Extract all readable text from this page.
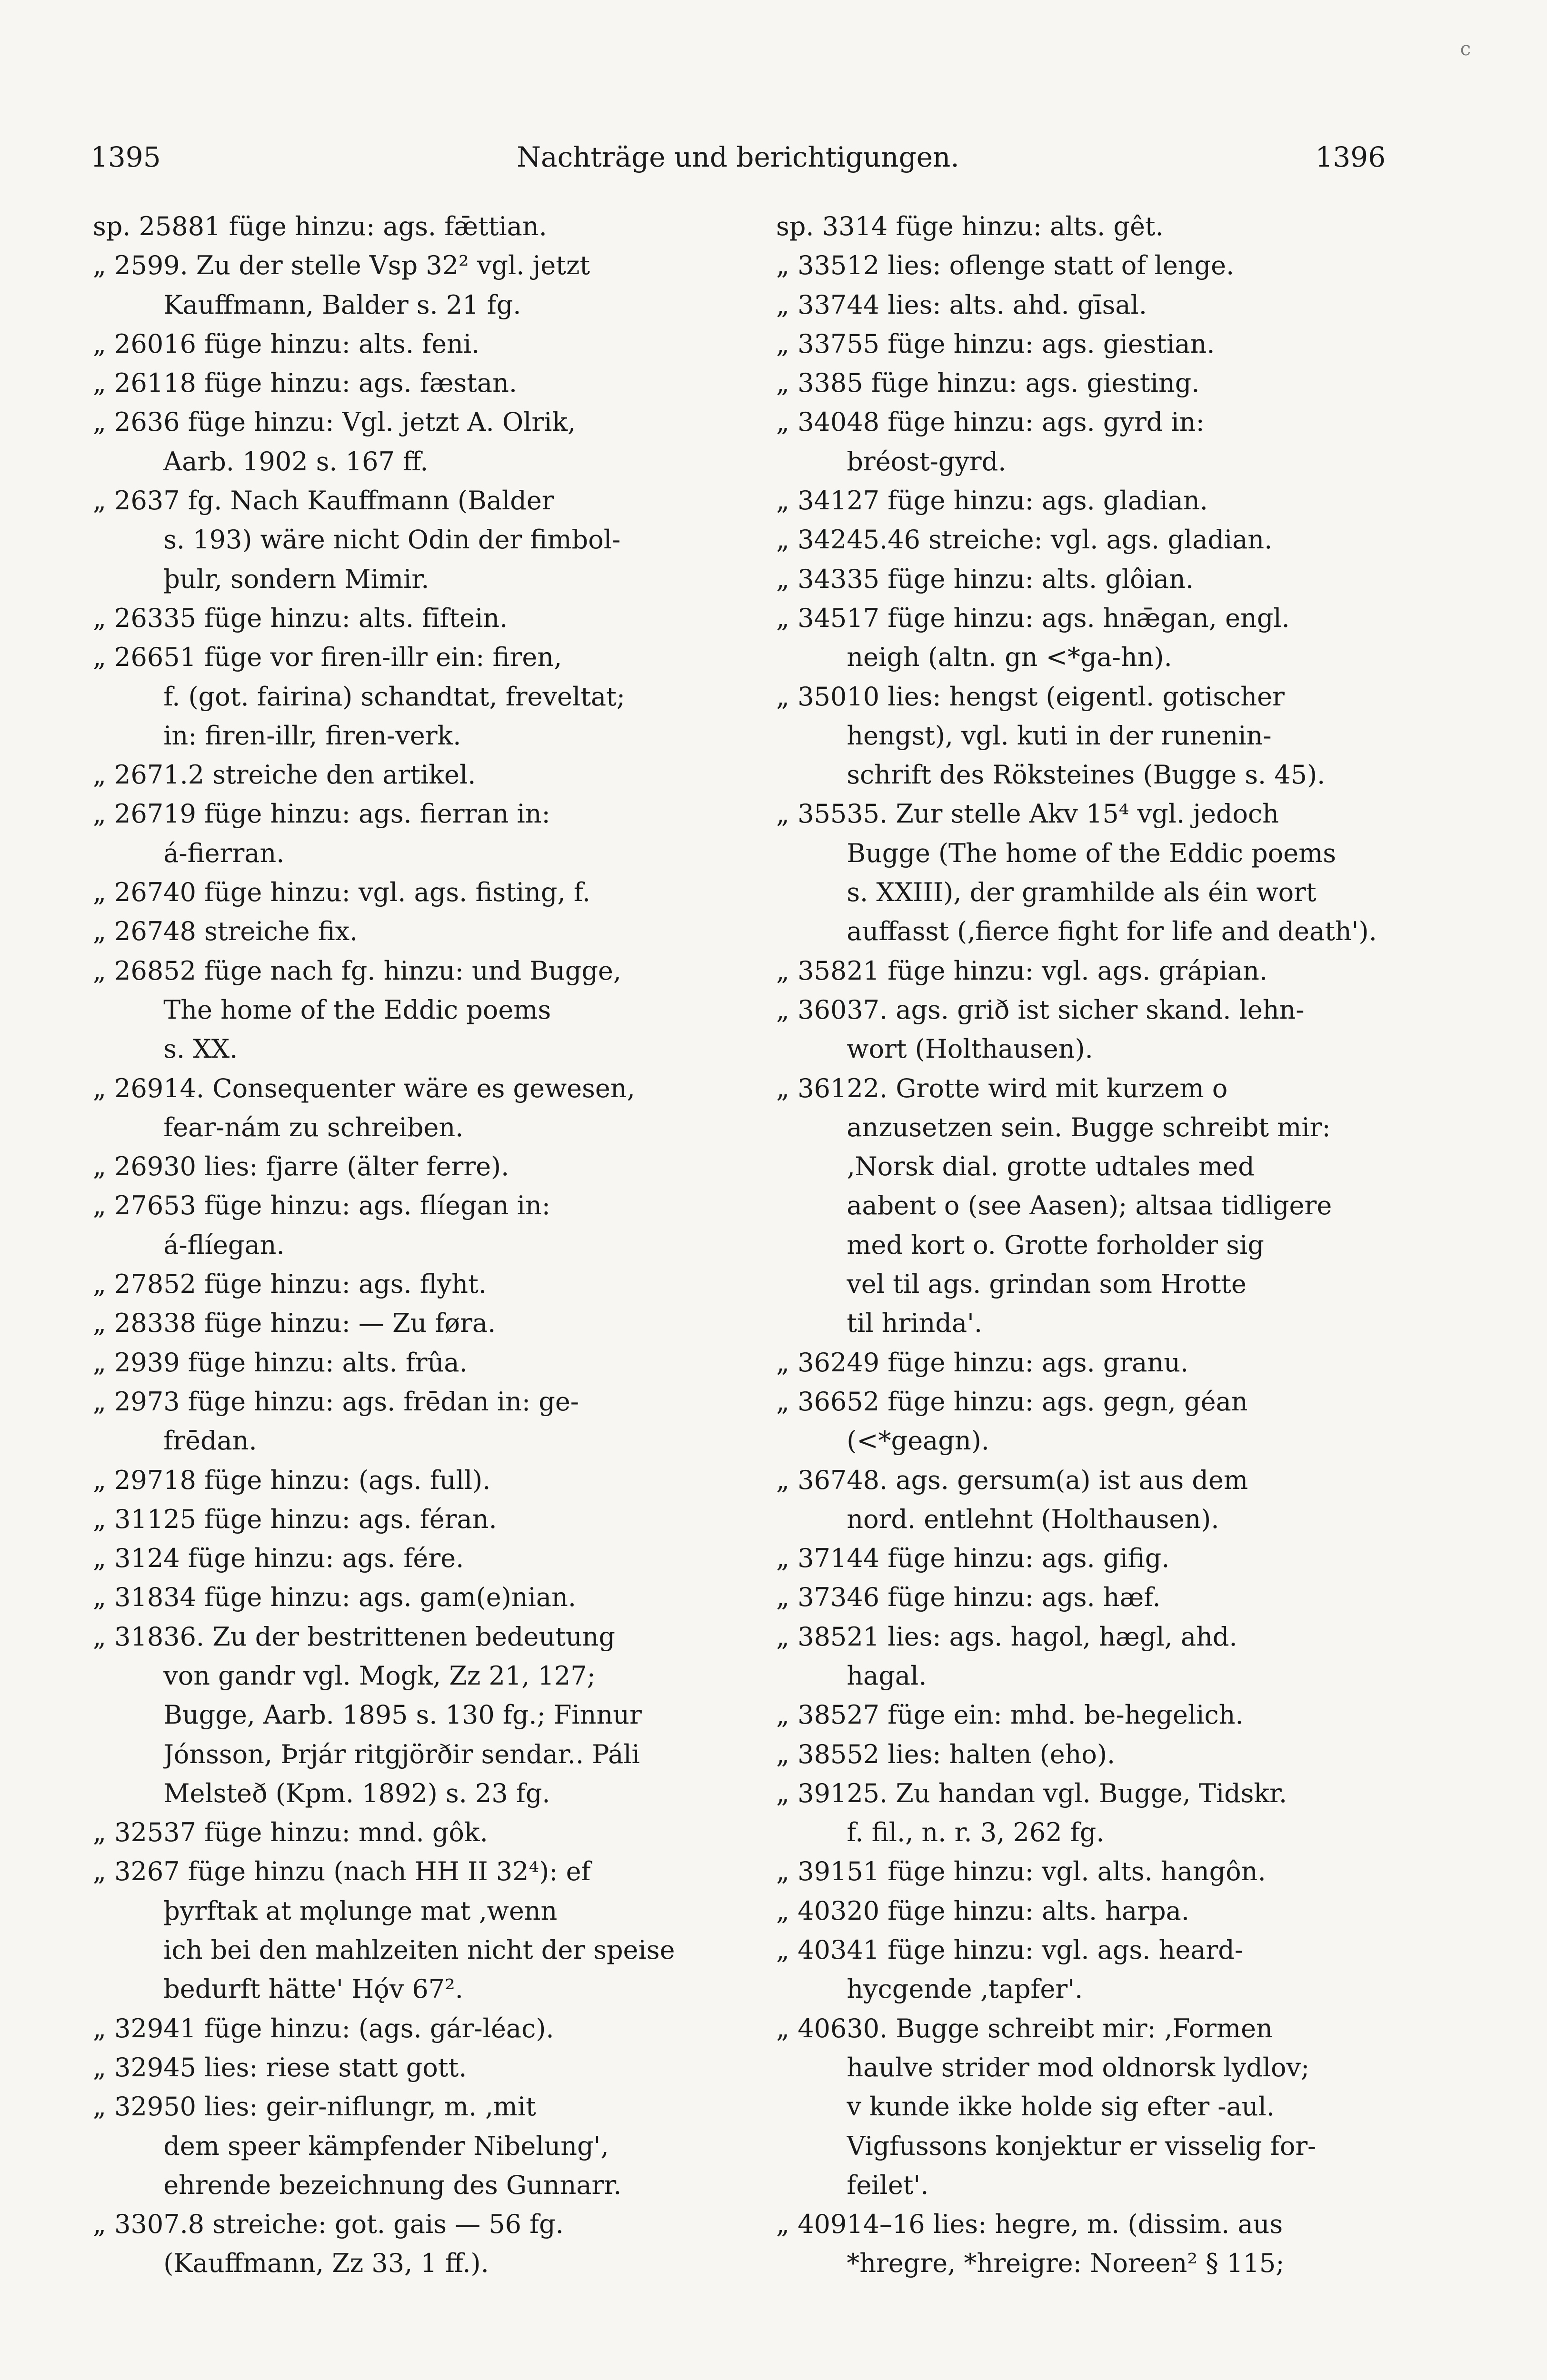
c
1395	Nachträge und berichtigungen.	1396
sp. 258 81 füge hinzu: ags. fǣttian.
„ 259 9. Zu der stelle Vsp 32² vgl. jetzt
Kauffmann, Balder s. 21 fg.
„ 260 16 füge hinzu: alts. feni.
„ 261 18 füge hinzu: ags. fæstan.
„ 263 6 füge hinzu: Vgl. jetzt A. Olrik,
Aarb. 1902 s. 167 ff.
„ 263 7 fg. Nach Kauffmann (Balder
s. 193) wäre nicht Odin der fimbol-
þulr, sondern Mimir.
„ 263 35 füge hinzu: alts. fīftein.
„ 266 51 füge vor firen-illr ein: firen,
f. (got. fairina) schandtat, freveltat;
in: firen-illr, firen-verk.
„ 267 1.2 streiche den artikel.
„ 267 19 füge hinzu: ags. fierran in:
á-fierran.
„ 267 40 füge hinzu: vgl. ags. fisting, f.
„ 267 48 streiche fix.
„ 268 52 füge nach fg. hinzu: und Bugge,
The home of the Eddic poems
s. XX.
„ 269 14. Consequenter wäre es gewesen,
fear-nám zu schreiben.
„ 269 30 lies: fjarre (älter ferre).
„ 276 53 füge hinzu: ags. flíegan in:
á-flíegan.
„ 278 52 füge hinzu: ags. flyht.
„ 283 38 füge hinzu: — Zu føra.
„ 293 9 füge hinzu: alts. frûa.
„ 297 3 füge hinzu: ags. frēdan in: ge-
frēdan.
„ 297 18 füge hinzu: (ags. full).
„ 311 25 füge hinzu: ags. féran.
„ 312 4 füge hinzu: ags. fére.
„ 318 34 füge hinzu: ags. gam(e)nian.
„ 318 36. Zu der bestrittenen bedeutung
von gandr vgl. Mogk, Zz 21, 127;
Bugge, Aarb. 1895 s. 130 fg.; Finnur
Jónsson, Þrjár ritgjörðir sendar.. Páli
Melsteð (Kpm. 1892) s. 23 fg.
„ 325 37 füge hinzu: mnd. gôk.
„ 326 7 füge hinzu (nach HH II 32⁴): ef
þyrftak at mǫlunge mat ‚wenn
ich bei den mahlzeiten nicht der speise
bedurft hätte' Hǫ́v 67².
„ 329 41 füge hinzu: (ags. gár-léac).
„ 329 45 lies: riese statt gott.
„ 329 50 lies: geir-niflungr, m. ‚mit
dem speer kämpfender Nibelung',
ehrende bezeichnung des Gunnarr.
„ 330 7.8 streiche: got. gais — 56 fg.
(Kauffmann, Zz 33, 1 ff.).
sp. 331 4 füge hinzu: alts. gêt.
„ 335 12 lies: oflenge statt of lenge.
„ 337 44 lies: alts. ahd. gīsal.
„ 337 55 füge hinzu: ags. giestian.
„ 338 5 füge hinzu: ags. giesting.
„ 340 48 füge hinzu: ags. gyrd in:
bréost-gyrd.
„ 341 27 füge hinzu: ags. gladian.
„ 342 45.46 streiche: vgl. ags. gladian.
„ 343 35 füge hinzu: alts. glôian.
„ 345 17 füge hinzu: ags. hnǣgan, engl.
neigh (altn. gn <*ga-hn).
„ 350 10 lies: hengst (eigentl. gotischer
hengst), vgl. kuti in der runenin-
schrift des Röksteines (Bugge s. 45).
„ 355 35. Zur stelle Akv 15⁴ vgl. jedoch
Bugge (The home of the Eddic poems
s. XXIII), der gramhilde als éin wort
auffasst (‚fierce fight for life and death').
„ 358 21 füge hinzu: vgl. ags. grápian.
„ 360 37. ags. grið ist sicher skand. lehn-
wort (Holthausen).
„ 361 22. Grotte wird mit kurzem o
anzusetzen sein. Bugge schreibt mir:
‚Norsk dial. grotte udtales med
aabent o (see Aasen); altsaa tidligere
med kort o. Grotte forholder sig
vel til ags. grindan som Hrotte
til hrinda'.
„ 362 49 füge hinzu: ags. granu.
„ 366 52 füge hinzu: ags. gegn, géan
(<*geagn).
„ 367 48. ags. gersum(a) ist aus dem
nord. entlehnt (Holthausen).
„ 371 44 füge hinzu: ags. gifig.
„ 373 46 füge hinzu: ags. hæf.
„ 385 21 lies: ags. hagol, hægl, ahd.
hagal.
„ 385 27 füge ein: mhd. be-hegelich.
„ 385 52 lies: halten (eho).
„ 391 25. Zu handan vgl. Bugge, Tidskr.
f. fil., n. r. 3, 262 fg.
„ 391 51 füge hinzu: vgl. alts. hangôn.
„ 403 20 füge hinzu: alts. harpa.
„ 403 41 füge hinzu: vgl. ags. heard-
hycgende ‚tapfer'.
„ 406 30. Bugge schreibt mir: ‚Formen
haulve strider mod oldnorsk lydlov;
v kunde ikke holde sig efter -aul.
Vigfussons konjektur er visselig for-
feilet'.
„ 409 14–16 lies: hegre, m. (dissim. aus
*hregre, *hreigre: Noreen² § 115;
